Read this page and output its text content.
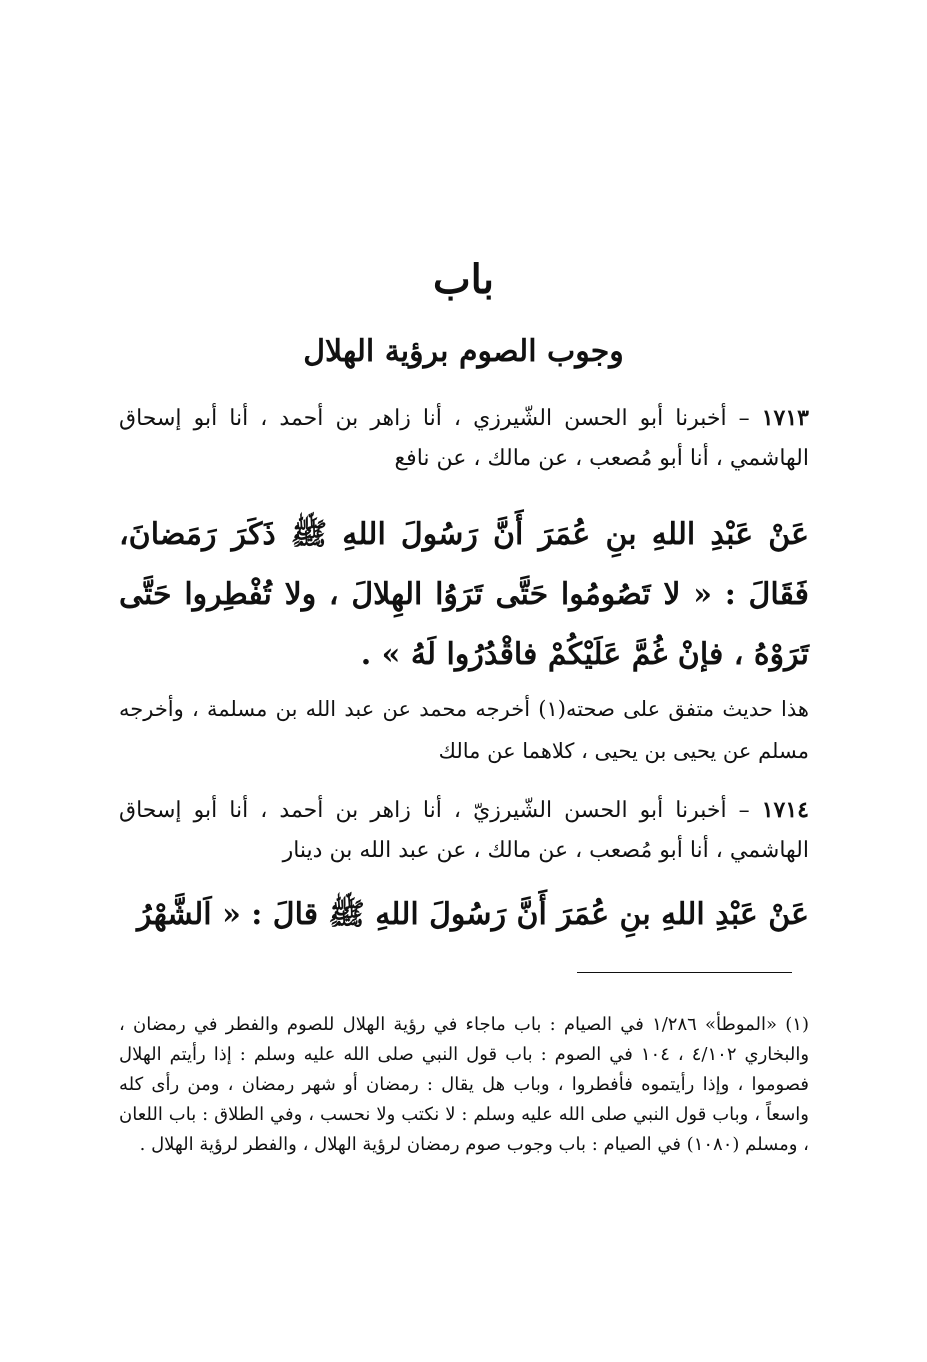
باب
وجوب الصوم برؤية الهلال
١٧١٣ – أخبرنا أبو الحسن الشّيرزي ، أنا زاهر بن أحمد ، أنا أبو إسحاق الهاشمي ، أنا أبو مُصعب ، عن مالك ، عن نافع
عَنْ عَبْدِ اللهِ بنِ عُمَرَ أَنَّ رَسُولَ اللهِ ﷺ ذَكَرَ رَمَضانَ، فَقَالَ : « لا تَصُومُوا حَتَّى تَرَوُا الهِلالَ ، ولا تُفْطِروا حَتَّى تَرَوْهُ ، فإنْ غُمَّ عَلَيْكُمْ فاقْدُرُوا لَهُ » .
هذا حديث متفق على صحته(١) أخرجه محمد عن عبد الله بن مسلمة ، وأخرجه مسلم عن يحيى بن يحيى ، كلاهما عن مالك
١٧١٤ – أخبرنا أبو الحسن الشّيرزيّ ، أنا زاهر بن أحمد ، أنا أبو إسحاق الهاشمي ، أنا أبو مُصعب ، عن مالك ، عن عبد الله بن دينار
عَنْ عَبْدِ اللهِ بنِ عُمَرَ أَنَّ رَسُولَ اللهِ ﷺ قالَ : « اَلشَّهْرُ
(١) «الموطأ» ١/٢٨٦ في الصيام : باب ماجاء في رؤية الهلال للصوم والفطر في رمضان ، والبخاري ٤/١٠٢ ، ١٠٤ في الصوم : باب قول النبي صلى الله عليه وسلم : إذا رأيتم الهلال فصوموا ، وإذا رأيتموه فأفطروا ، وباب هل يقال : رمضان أو شهر رمضان ، ومن رأى كله واسعاً ، وباب قول النبي صلى الله عليه وسلم : لا نكتب ولا نحسب ، وفي الطلاق : باب اللعان ، ومسلم (١٠٨٠) في الصيام : باب وجوب صوم رمضان لرؤية الهلال ، والفطر لرؤية الهلال .
